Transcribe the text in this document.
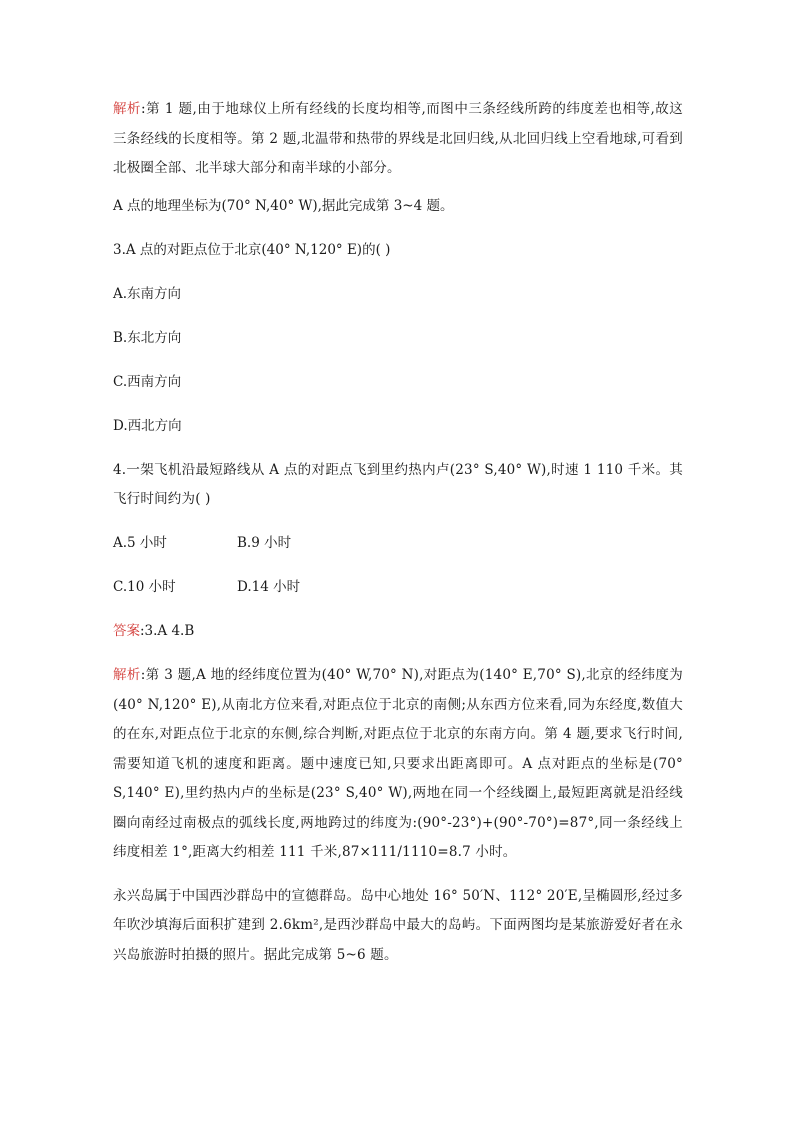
解析:第 1 题,由于地球仪上所有经线的长度均相等,而图中三条经线所跨的纬度差也相等,故这三条经线的长度相等。第 2 题,北温带和热带的界线是北回归线,从北回归线上空看地球,可看到北极圈全部、北半球大部分和南半球的小部分。

A 点的地理坐标为(70° N,40° W),据此完成第 3~4 题。

3.A 点的对距点位于北京(40° N,120° E)的( )

A.东南方向

B.东北方向

C.西南方向

D.西北方向

4.一架飞机沿最短路线从 A 点的对距点飞到里约热内卢(23° S,40° W),时速 1 110 千米。其飞行时间约为( )

A.5 小时	B.9 小时
C.10 小时	D.14 小时

答案:3.A 4.B

解析:第 3 题,A 地的经纬度位置为(40° W,70° N),对距点为(140° E,70° S),北京的经纬度为(40° N,120° E),从南北方位来看,对距点位于北京的南侧;从东西方位来看,同为东经度,数值大的在东,对距点位于北京的东侧,综合判断,对距点位于北京的东南方向。第 4 题,要求飞行时间,需要知道飞机的速度和距离。题中速度已知,只要求出距离即可。A 点对距点的坐标是(70° S,140° E),里约热内卢的坐标是(23° S,40° W),两地在同一个经线圈上,最短距离就是沿经线圈向南经过南极点的弧线长度,两地跨过的纬度为:(90°-23°)+(90°-70°)=87°,同一条经线上纬度相差 1°,距离大约相差 111 千米,87×111/1110=8.7 小时。

永兴岛属于中国西沙群岛中的宣德群岛。岛中心地处 16° 50′N、112° 20′E,呈椭圆形,经过多年吹沙填海后面积扩建到 2.6km²,是西沙群岛中最大的岛屿。下面两图均是某旅游爱好者在永兴岛旅游时拍摄的照片。据此完成第 5~6 题。
